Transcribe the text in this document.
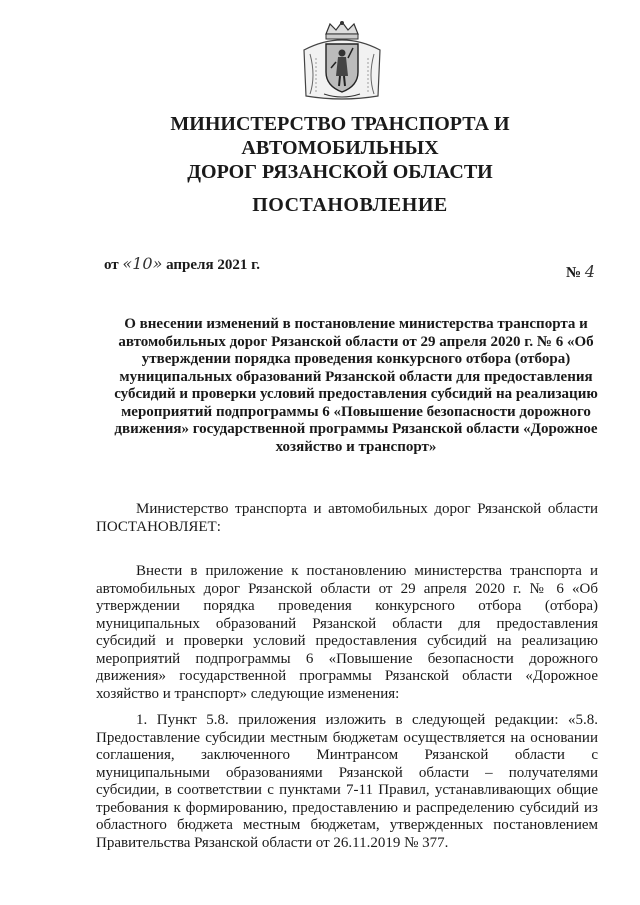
МИНИСТЕРСТВО ТРАНСПОРТА И АВТОМОБИЛЬНЫХ
ДОРОГ РЯЗАНСКОЙ ОБЛАСТИ
ПОСТАНОВЛЕНИЕ
от «10» апреля 2021 г.	№ 4
О внесении изменений в постановление министерства транспорта и
автомобильных дорог Рязанской области от 29 апреля 2020 г. № 6 «Об
утверждении порядка проведения конкурсного отбора (отбора)
муниципальных образований Рязанской области для предоставления
субсидий и проверки условий предоставления субсидий на реализацию
мероприятий подпрограммы 6 «Повышение безопасности дорожного
движения» государственной программы Рязанской области «Дорожное
хозяйство и транспорт»

Министерство транспорта и автомобильных дорог Рязанской области ПОСТАНОВЛЯЕТ:

Внести в приложение к постановлению министерства транспорта и автомобильных дорог Рязанской области от 29 апреля 2020 г. № 6 «Об утверждении порядка проведения конкурсного отбора (отбора) муниципальных образований Рязанской области для предоставления субсидий и проверки условий предоставления субсидий на реализацию мероприятий подпрограммы 6 «Повышение безопасности дорожного движения» государственной программы Рязанской области «Дорожное хозяйство и транспорт» следующие изменения:

1. Пункт 5.8. приложения изложить в следующей редакции: «5.8. Предоставление субсидии местным бюджетам осуществляется на основании соглашения, заключенного Минтрансом Рязанской области с муниципальными образованиями Рязанской области – получателями субсидии, в соответствии с пунктами 7-11 Правил, устанавливающих общие требования к формированию, предоставлению и распределению субсидий из областного бюджета местным бюджетам, утвержденных постановлением Правительства Рязанской области от 26.11.2019 № 377.
